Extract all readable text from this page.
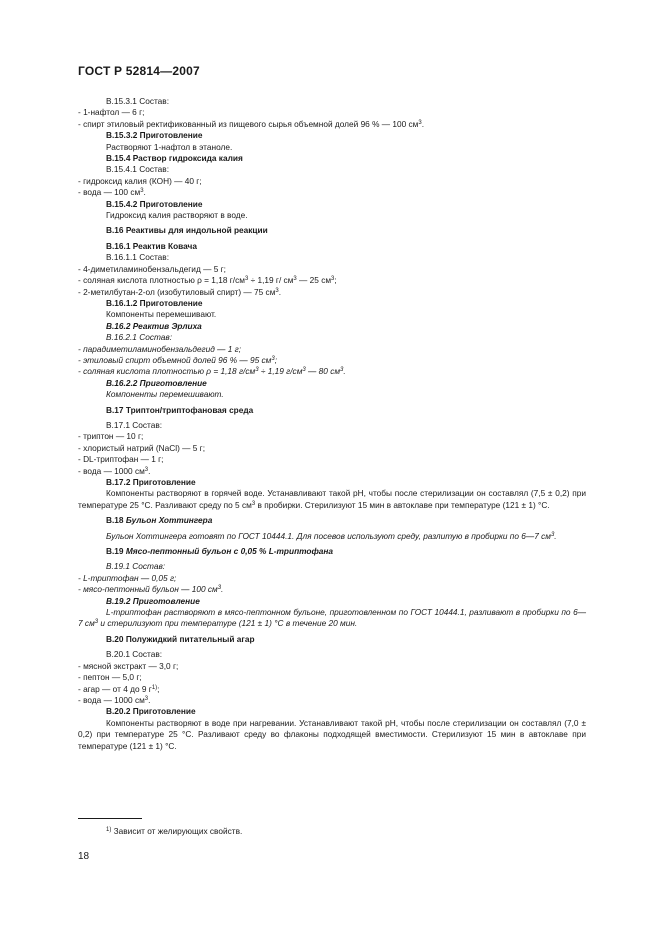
ГОСТ Р 52814—2007
В.15.3.1 Состав:
- 1-нафтол — 6 г;
- спирт этиловый ректификованный из пищевого сырья объемной долей 96 % — 100 $см^3$.
В.15.3.2 Приготовление
Растворяют 1-нафтол в этаноле.
В.15.4 Раствор гидроксида калия
В.15.4.1 Состав:
- гидроксид калия (КОН) — 40 г;
- вода — 100 $см^3$.
В.15.4.2 Приготовление
Гидроксид калия растворяют в воде.
В.16 Реактивы для индольной реакции
В.16.1 Реактив Ковача
В.16.1.1 Состав:
- 4-диметиламинобензальдегид — 5 г;
- соляная кислота плотностью ρ = 1,18 $г/см^3 \div 1,19$ г/ $см^3$ — 25 $см^3$;
- 2-метилбутан-2-ол (изобутиловый спирт) — 75 $см^3$.
В.16.1.2 Приготовление
Компоненты перемешивают.
В.16.2 Реактив Эрлиха
В.16.2.1 Состав:
- парадиметиламинобензальдегид — 1 г;
- этиловый спирт объемной долей 96 % — 95 $см^3$;
- соляная кислота плотностью ρ = 1,18 $г/см^3 \div 1,19$ $г/см^3$ — 80 $см^3$.
В.16.2.2 Приготовление
Компоненты перемешивают.
В.17 Триптон/триптофановая среда
В.17.1 Состав:
- триптон — 10 г;
- хлористый натрий (NaCl) — 5 г;
- DL-триптофан — 1 г;
- вода — 1000 $см^3$.
В.17.2 Приготовление
Компоненты растворяют в горячей воде. Устанавливают такой рН, чтобы после стерилизации он составлял (7,5 ± 0,2) при температуре 25 °С. Разливают среду по 5 $см^3$ в пробирки. Стерилизуют 15 мин в автоклаве при температуре (121 ± 1) °С.
В.18 Бульон Хоттингера
Бульон Хоттингера готовят по ГОСТ 10444.1. Для посевов используют среду, разлитую в пробирки по 6—7 $см^3$.
В.19 Мясо-пептонный бульон с 0,05 % L-триптофана
В.19.1 Состав:
- L-триптофан — 0,05 г;
- мясо-пептонный бульон — 100 $см^3$.
В.19.2 Приготовление
L-триптофан растворяют в мясо-пептонном бульоне, приготовленном по ГОСТ 10444.1, разливают в пробирки по 6—7 $см^3$ и стерилизуют при температуре (121 ± 1) °С в течение 20 мин.
В.20 Полужидкий питательный агар
В.20.1 Состав:
- мясной экстракт — 3,0 г;
- пептон — 5,0 г;
- агар — от 4 до 9 $г^{1)}$;
- вода — 1000 $см^3$.
В.20.2 Приготовление
Компоненты растворяют в воде при нагревании. Устанавливают такой рН, чтобы после стерилизации он составлял (7,0 ± 0,2) при температуре 25 °С. Разливают среду во флаконы подходящей вместимости. Стерилизуют 15 мин в автоклаве при температуре (121 ± 1) °С.
$^{1)}$ Зависит от желирующих свойств.
18
